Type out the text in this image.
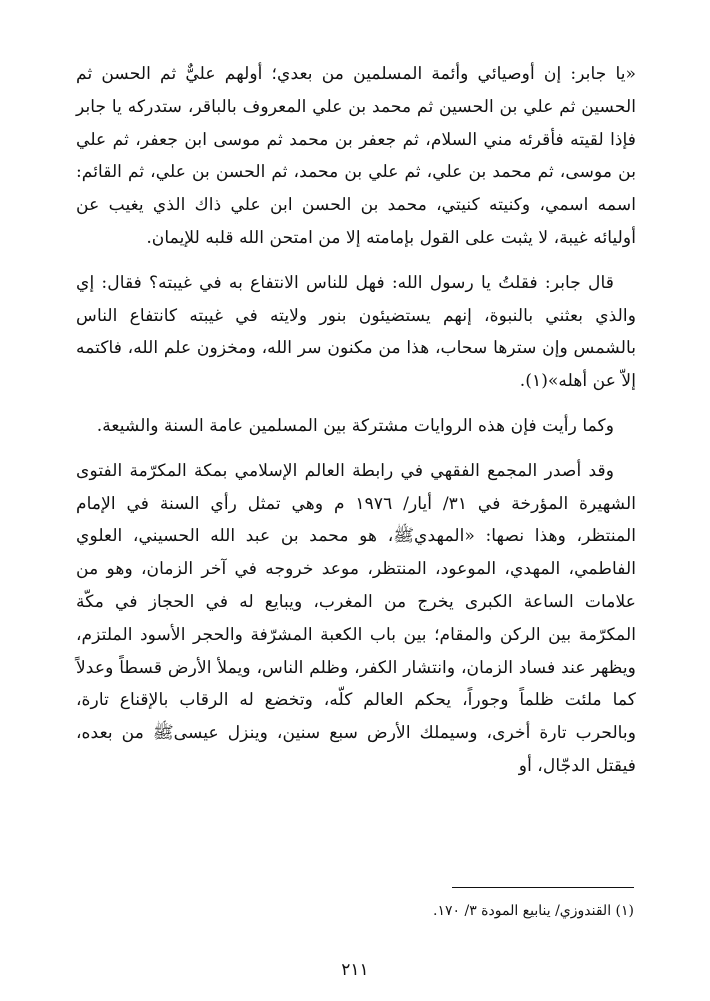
«يا جابر: إن أوصيائي وأئمة المسلمين من بعدي؛ أولهم عليٌّ ثم الحسن ثم الحسين ثم علي بن الحسين ثم محمد بن علي المعروف بالباقر، ستدركه يا جابر فإذا لقيته فأقرئه مني السلام، ثم جعفر بن محمد ثم موسى ابن جعفر، ثم علي بن موسى، ثم محمد بن علي، ثم علي بن محمد، ثم الحسن بن علي، ثم القائم: اسمه اسمي، وكنيته كنيتي، محمد بن الحسن ابن علي ذاك الذي يغيب عن أوليائه غيبة، لا يثبت على القول بإمامته إلا من امتحن الله قلبه للإيمان.

قال جابر: فقلتُ يا رسول الله: فهل للناس الانتفاع به في غيبته؟ فقال: إي والذي بعثني بالنبوة، إنهم يستضيئون بنور ولايته في غيبته كانتفاع الناس بالشمس وإن سترها سحاب، هذا من مكنون سر الله، ومخزون علم الله، فاكتمه إلاّ عن أهله»(١).

وكما رأيت فإن هذه الروايات مشتركة بين المسلمين عامة السنة والشيعة.

وقد أصدر المجمع الفقهي في رابطة العالم الإسلامي بمكة المكرّمة الفتوى الشهيرة المؤرخة في ٣١/ أيار/ ١٩٧٦ م وهي تمثل رأي السنة في الإمام المنتظر، وهذا نصها: «المهديﷺ، هو محمد بن عبد الله الحسيني، العلوي الفاطمي، المهدي، الموعود، المنتظر، موعد خروجه في آخر الزمان، وهو من علامات الساعة الكبرى يخرج من المغرب، ويبايع له في الحجاز في مكّة المكرّمة بين الركن والمقام؛ بين باب الكعبة المشرّفة والحجر الأسود الملتزم، ويظهر عند فساد الزمان، وانتشار الكفر، وظلم الناس، ويملأ الأرض قسطاً وعدلاً كما ملئت ظلماً وجوراً، يحكم العالم كلّه، وتخضع له الرقاب بالإقناع تارة، وبالحرب تارة أخرى، وسيملك الأرض سبع سنين، وينزل عيسىﷺ من بعده، فيقتل الدجّال، أو

(١) القندوزي/ ينابيع المودة ٣/ ١٧٠.
٢١١
